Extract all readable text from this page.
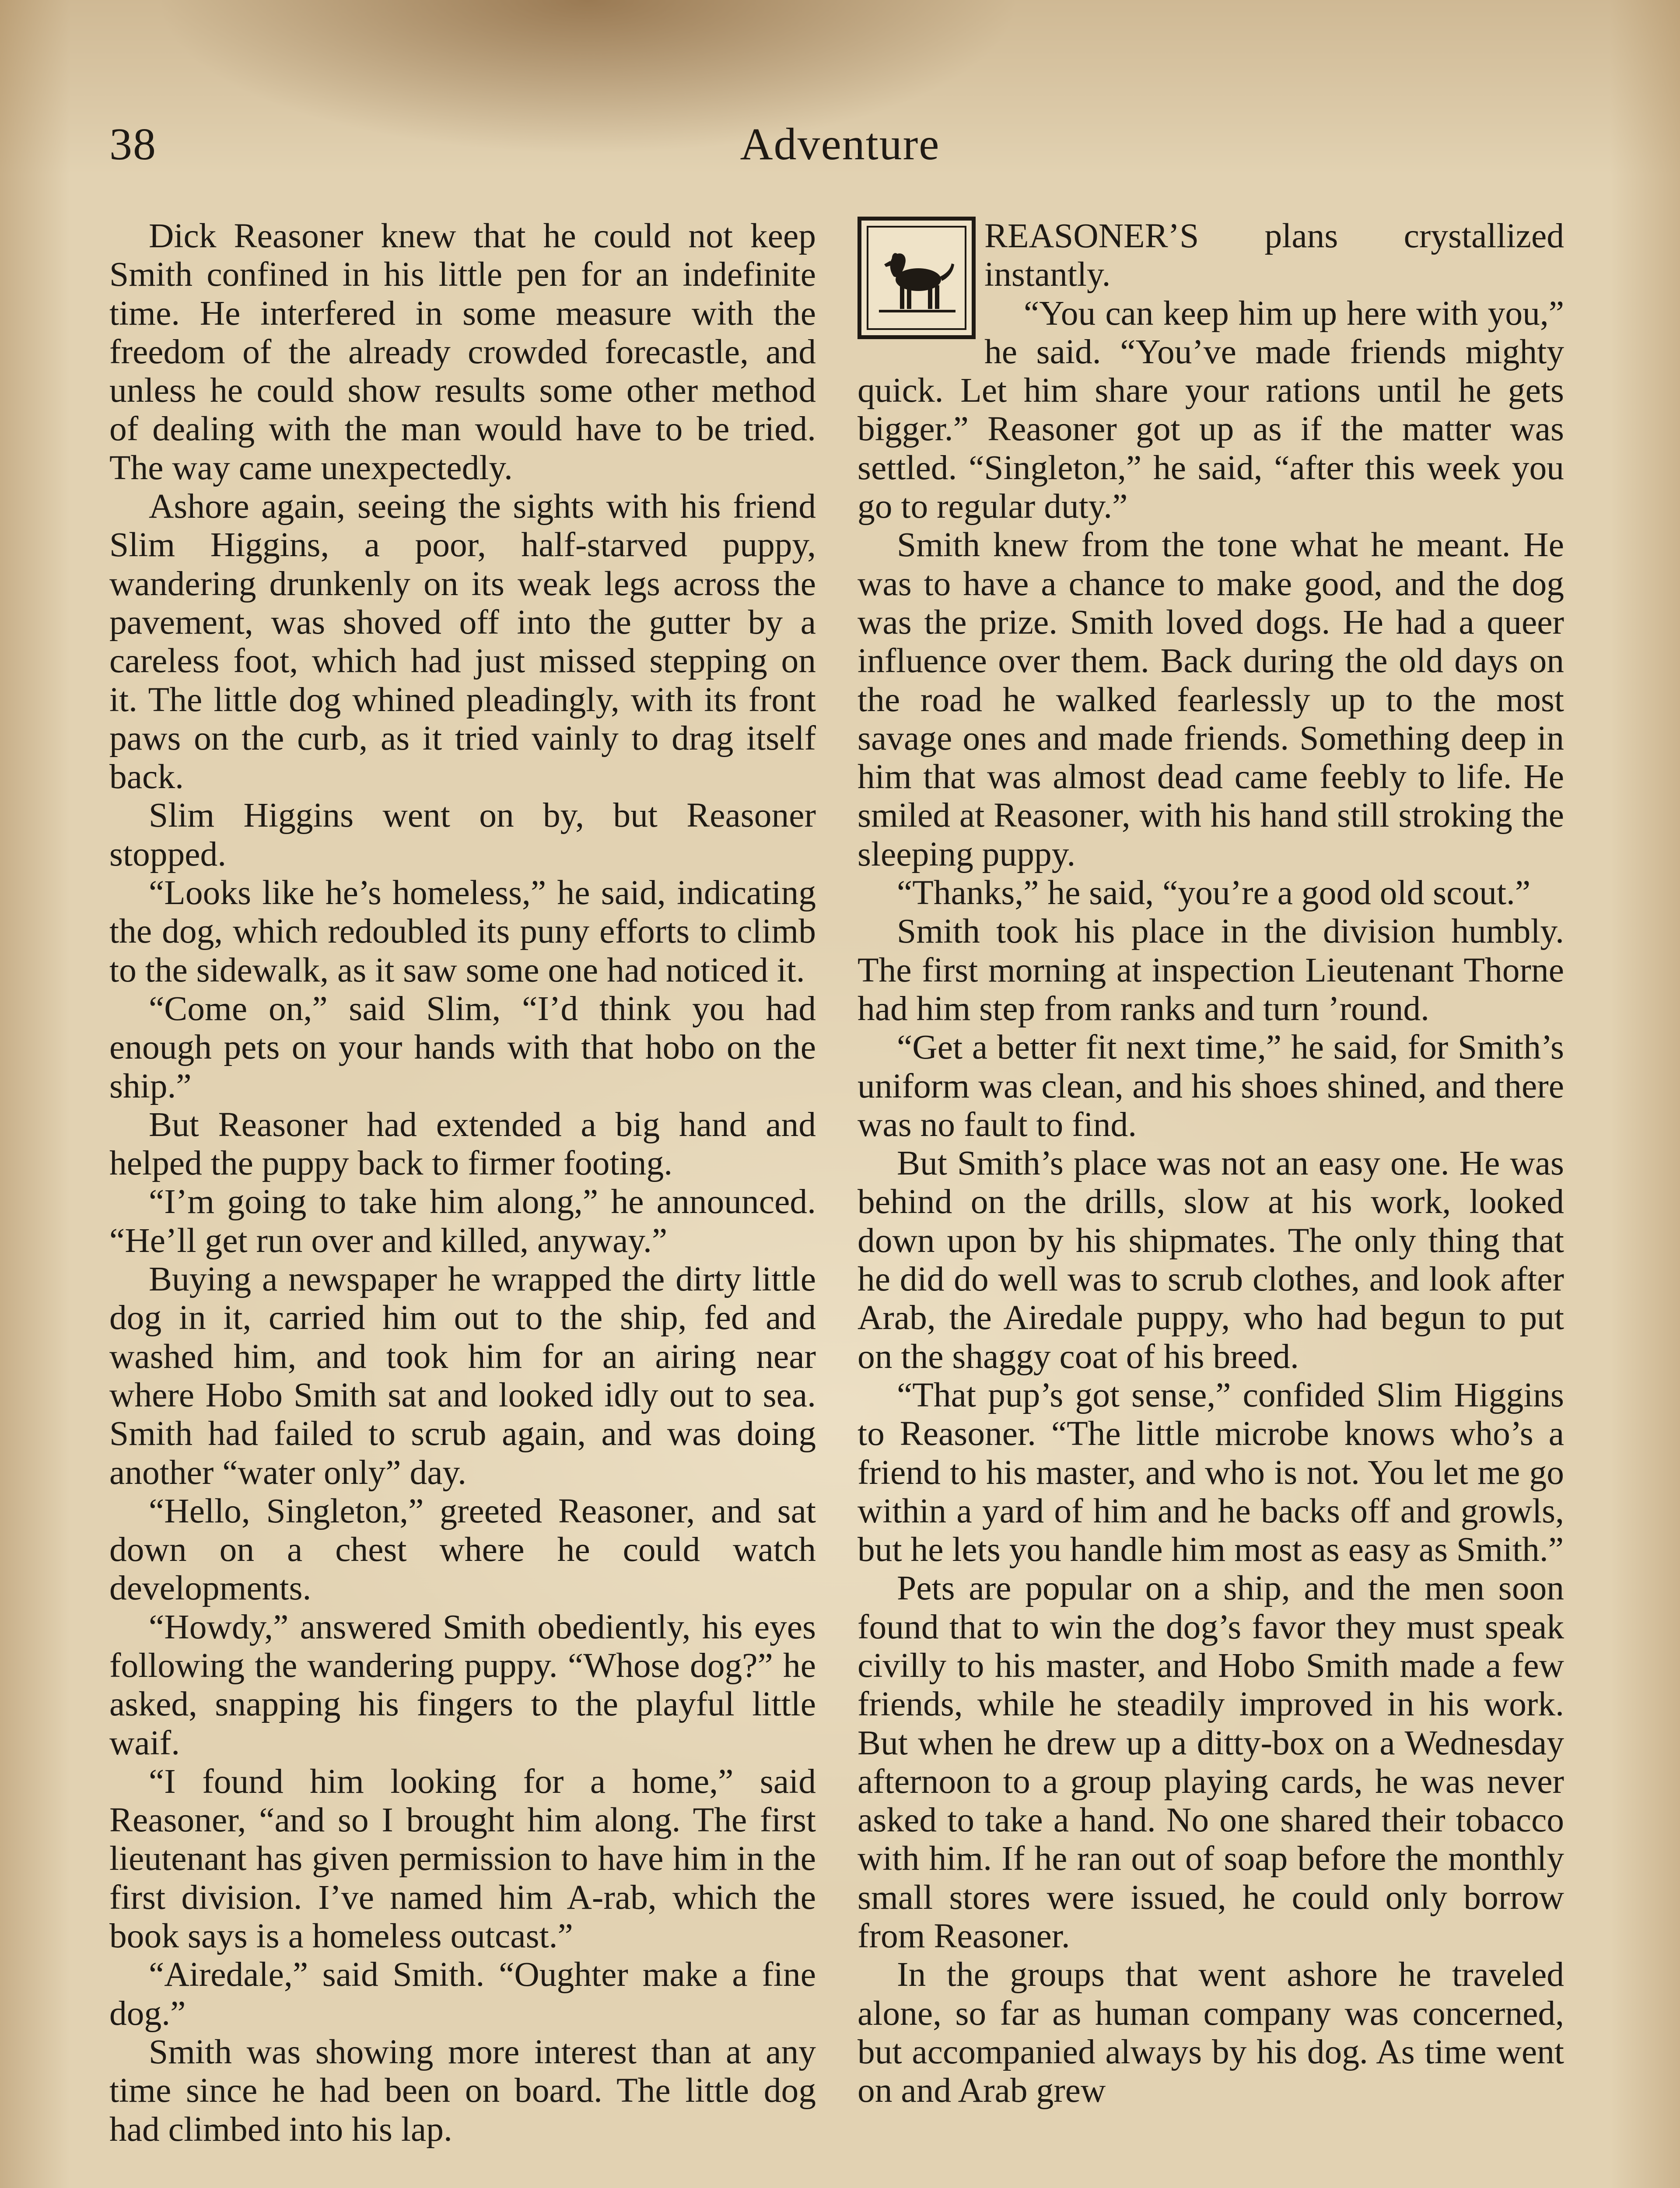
38	Adventure

Dick Reasoner knew that he could not keep Smith confined in his little pen for an indefinite time. He interfered in some measure with the freedom of the already crowded forecastle, and unless he could show results some other method of dealing with the man would have to be tried. The way came unexpectedly.

Ashore again, seeing the sights with his friend Slim Higgins, a poor, half-starved puppy, wandering drunkenly on its weak legs across the pavement, was shoved off into the gutter by a careless foot, which had just missed stepping on it. The little dog whined pleadingly, with its front paws on the curb, as it tried vainly to drag itself back.

Slim Higgins went on by, but Reasoner stopped.

“Looks like he’s homeless,” he said, indicating the dog, which redoubled its puny efforts to climb to the sidewalk, as it saw some one had noticed it.

“Come on,” said Slim, “I’d think you had enough pets on your hands with that hobo on the ship.”

But Reasoner had extended a big hand and helped the puppy back to firmer footing.

“I’m going to take him along,” he announced. “He’ll get run over and killed, anyway.”

Buying a newspaper he wrapped the dirty little dog in it, carried him out to the ship, fed and washed him, and took him for an airing near where Hobo Smith sat and looked idly out to sea. Smith had failed to scrub again, and was doing another “water only” day.

“Hello, Singleton,” greeted Reasoner, and sat down on a chest where he could watch developments.

“Howdy,” answered Smith obediently, his eyes following the wandering puppy. “Whose dog?” he asked, snapping his fingers to the playful little waif.

“I found him looking for a home,” said Reasoner, “and so I brought him along. The first lieutenant has given permission to have him in the first division. I’ve named him A-rab, which the book says is a homeless outcast.”

“Airedale,” said Smith. “Oughter make a fine dog.”

Smith was showing more interest than at any time since he had been on board. The little dog had climbed into his lap.

REASONER’S plans crystallized instantly.

“You can keep him up here with you,” he said. “You’ve made friends mighty quick. Let him share your rations until he gets bigger.” Reasoner got up as if the matter was settled. “Singleton,” he said, “after this week you go to regular duty.”

Smith knew from the tone what he meant. He was to have a chance to make good, and the dog was the prize. Smith loved dogs. He had a queer influence over them. Back during the old days on the road he walked fearlessly up to the most savage ones and made friends. Something deep in him that was almost dead came feebly to life. He smiled at Reasoner, with his hand still stroking the sleeping puppy.

“Thanks,” he said, “you’re a good old scout.”

Smith took his place in the division humbly. The first morning at inspection Lieutenant Thorne had him step from ranks and turn ’round.

“Get a better fit next time,” he said, for Smith’s uniform was clean, and his shoes shined, and there was no fault to find.

But Smith’s place was not an easy one. He was behind on the drills, slow at his work, looked down upon by his shipmates. The only thing that he did do well was to scrub clothes, and look after Arab, the Airedale puppy, who had begun to put on the shaggy coat of his breed.

“That pup’s got sense,” confided Slim Higgins to Reasoner. “The little microbe knows who’s a friend to his master, and who is not. You let me go within a yard of him and he backs off and growls, but he lets you handle him most as easy as Smith.”

Pets are popular on a ship, and the men soon found that to win the dog’s favor they must speak civilly to his master, and Hobo Smith made a few friends, while he steadily improved in his work. But when he drew up a ditty-box on a Wednesday afternoon to a group playing cards, he was never asked to take a hand. No one shared their tobacco with him. If he ran out of soap before the monthly small stores were issued, he could only borrow from Reasoner.

In the groups that went ashore he traveled alone, so far as human company was concerned, but accompanied always by his dog. As time went on and Arab grew
